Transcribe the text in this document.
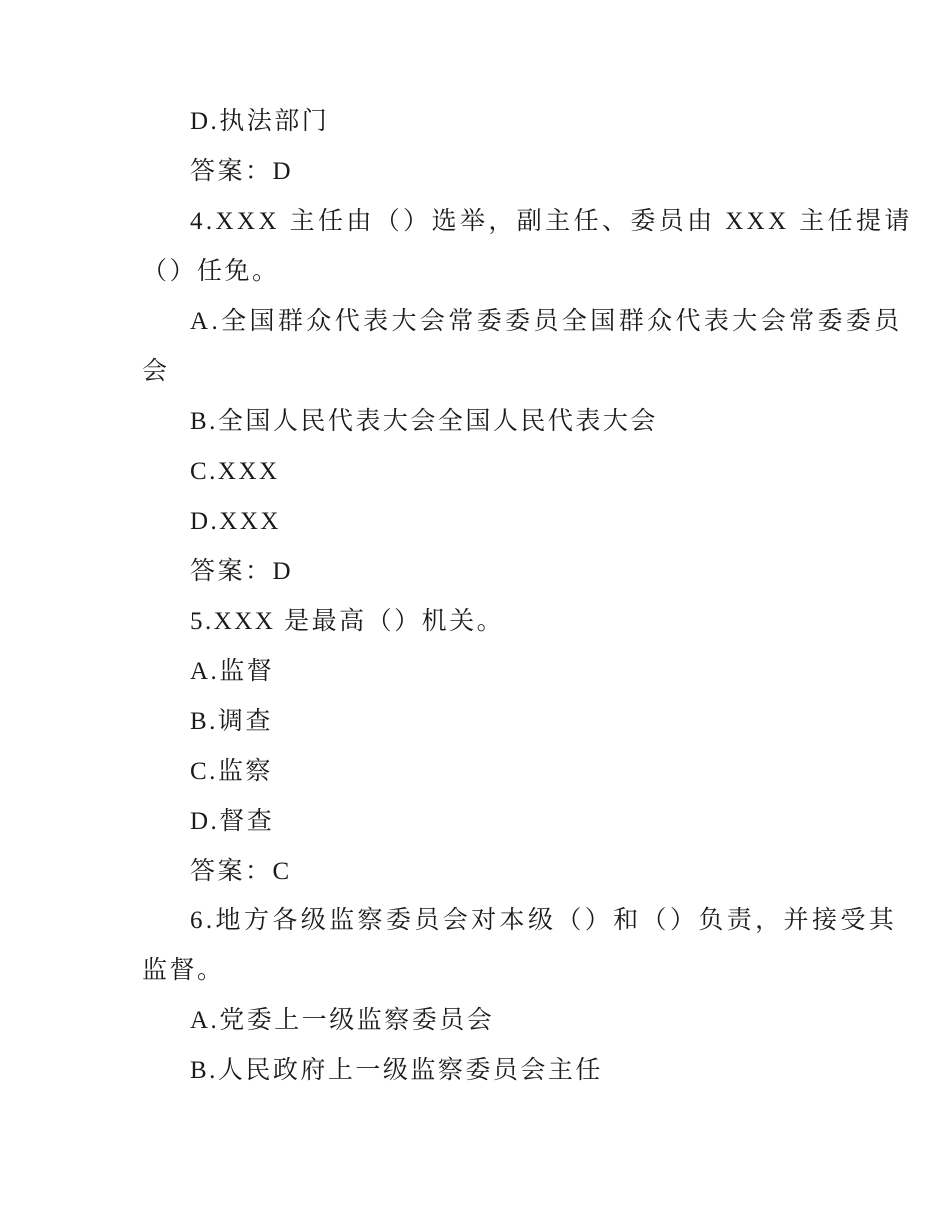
D.执法部门
答案：D
4.XXX 主任由（）选举，副主任、委员由 XXX 主任提请
（）任免。
A.全国群众代表大会常委委员全国群众代表大会常委委员
会
B.全国人民代表大会全国人民代表大会
C.XXX
D.XXX
答案：D
5.XXX 是最高（）机关。
A.监督
B.调查
C.监察
D.督查
答案：C
6.地方各级监察委员会对本级（）和（）负责，并接受其
监督。
A.党委上一级监察委员会
B.人民政府上一级监察委员会主任
